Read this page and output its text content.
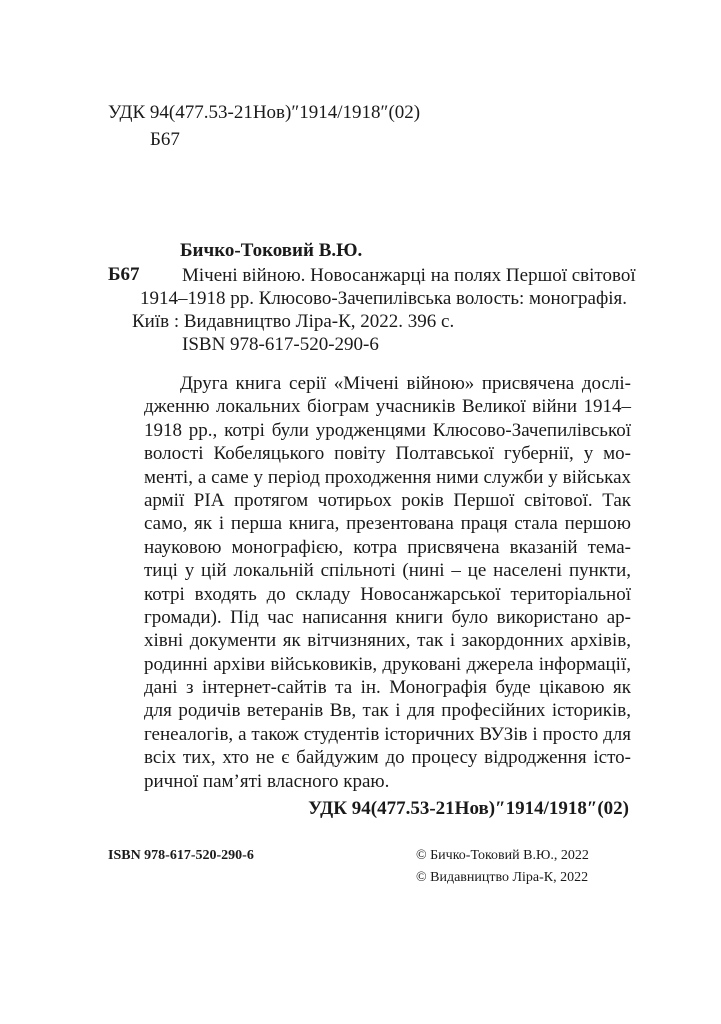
УДК 94(477.53-21Нов)″1914/1918″(02)
Б67
Бичко-Токовий В.Ю.
Б67	Мічені війною. Новосанжарці на полях Першої світової
1914–1918 рр. Клюсово-Зачепилівська волость: монографія.
Київ : Видавництво Ліра-К, 2022. 396 с.
ISBN 978-617-520-290-6
Друга книга серії «Мічені війною» присвячена дослі-
дженню локальних біограм учасників Великої війни 1914–
1918 рр., котрі були уродженцями Клюсово-Зачепилівської
волості Кобеляцького повіту Полтавської губернії, у мо-
менті, а саме у період проходження ними служби у військах
армії РІА протягом чотирьох років Першої світової. Так
само, як і перша книга, презентована праця стала першою
науковою монографією, котра присвячена вказаній тема-
тиці у цій локальній спільноті (нині – це населені пункти,
котрі входять до складу Новосанжарської територіальної
громади). Під час написання книги було використано ар-
хівні документи як вітчизняних, так і закордонних архівів,
родинні архіви військовиків, друковані джерела інформації,
дані з інтернет-сайтів та ін. Монографія буде цікавою як
для родичів ветеранів Вв, так і для професійних істориків,
генеалогів, а також студентів історичних ВУЗів і просто для
всіх тих, хто не є байдужим до процесу відродження істо-
ричної пам’яті власного краю.
УДК 94(477.53-21Нов)″1914/1918″(02)
ISBN 978-617-520-290-6	© Бичко-Токовий В.Ю., 2022
© Видавництво Ліра-К, 2022
